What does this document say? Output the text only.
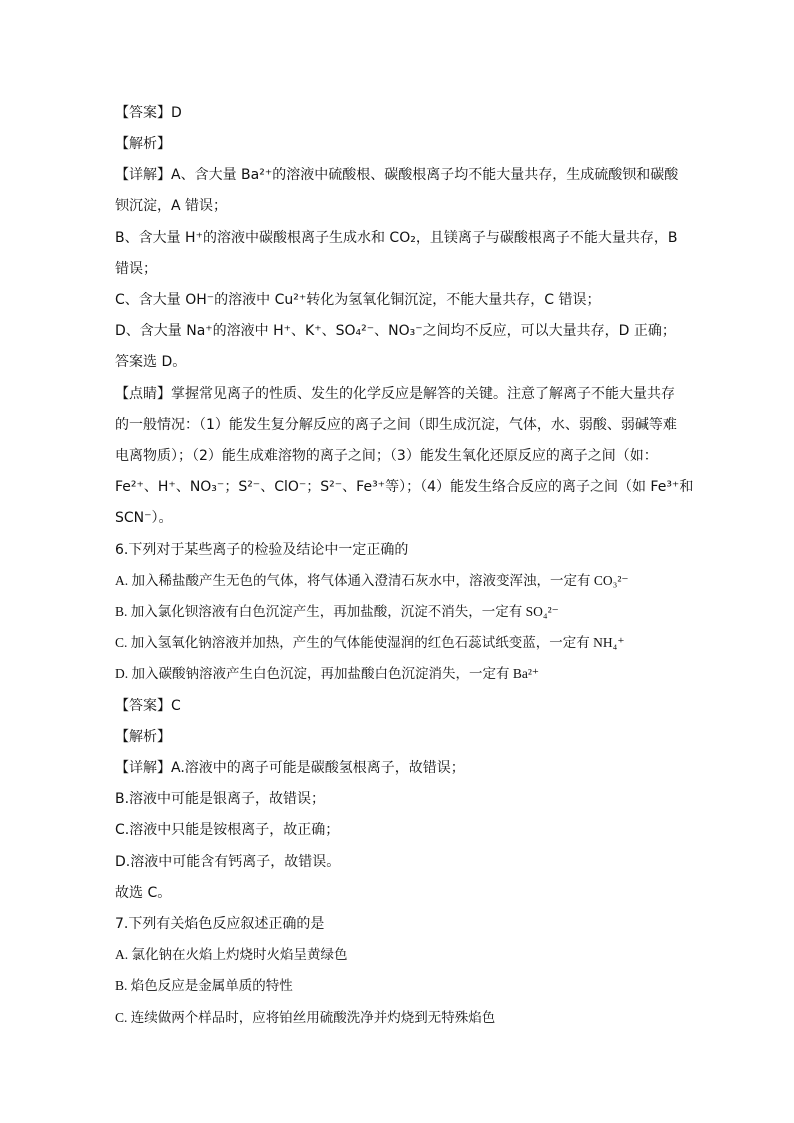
【答案】D
【解析】
【详解】A、含大量 Ba²⁺的溶液中硫酸根、碳酸根离子均不能大量共存，生成硫酸钡和碳酸
钡沉淀，A 错误；
B、含大量 H⁺的溶液中碳酸根离子生成水和 CO₂，且镁离子与碳酸根离子不能大量共存，B
错误；
C、含大量 OH⁻的溶液中 Cu²⁺转化为氢氧化铜沉淀，不能大量共存，C 错误；
D、含大量 Na⁺的溶液中 H⁺、K⁺、SO₄²⁻、NO₃⁻之间均不反应，可以大量共存，D 正确；
答案选 D。
【点睛】掌握常见离子的性质、发生的化学反应是解答的关键。注意了解离子不能大量共存
的一般情况：（1）能发生复分解反应的离子之间（即生成沉淀，气体，水、弱酸、弱碱等难
电离物质）；（2）能生成难溶物的离子之间；（3）能发生氧化还原反应的离子之间（如：
Fe²⁺、H⁺、NO₃⁻；S²⁻、ClO⁻；S²⁻、Fe³⁺等）；（4）能发生络合反应的离子之间（如 Fe³⁺和
SCN⁻）。
6.下列对于某些离子的检验及结论中一定正确的
A. 加入稀盐酸产生无色的气体，将气体通入澄清石灰水中，溶液变浑浊，一定有 CO₃²⁻
B. 加入氯化钡溶液有白色沉淀产生，再加盐酸，沉淀不消失，一定有 SO₄²⁻
C. 加入氢氧化钠溶液并加热，产生的气体能使湿润的红色石蕊试纸变蓝，一定有 NH₄⁺
D. 加入碳酸钠溶液产生白色沉淀，再加盐酸白色沉淀消失，一定有 Ba²⁺
【答案】C
【解析】
【详解】A.溶液中的离子可能是碳酸氢根离子，故错误；
B.溶液中可能是银离子，故错误；
C.溶液中只能是铵根离子，故正确；
D.溶液中可能含有钙离子，故错误。
故选 C。
7.下列有关焰色反应叙述正确的是
A. 氯化钠在火焰上灼烧时火焰呈黄绿色
B. 焰色反应是金属单质的特性
C. 连续做两个样品时，应将铂丝用硫酸洗净并灼烧到无特殊焰色
